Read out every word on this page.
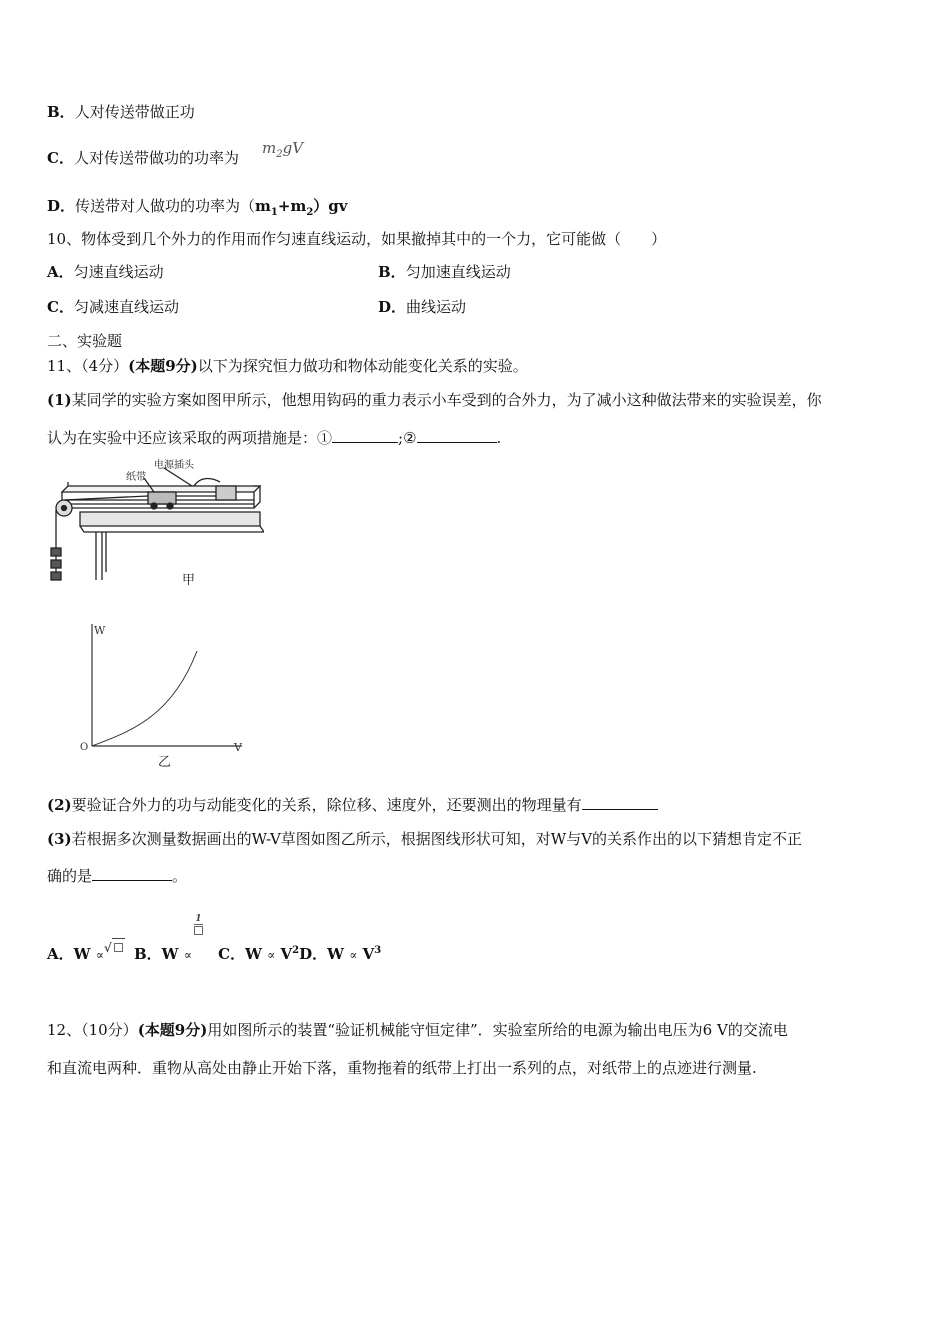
B．人对传送带做正功
C．人对传送带做功的功率为
$m_2gV$
D．传送带对人做功的功率为$(m_1+m_2)gv$
10、物体受到几个外力的作用而作匀速直线运动，如果撤掉其中的一个力，它可能做（　　）
A．匀速直线运动	B．匀加速直线运动
C．匀减速直线运动	D．曲线运动
二、实验题
11、（4分）(本题9分)以下为探究恒力做功和物体动能变化关系的实验。
(1)某同学的实验方案如图甲所示，他想用钩码的重力表示小车受到的合外力，为了减小这种做法带来的实验误差，你
认为在实验中还应该采取的两项措施是：①	;②	.
纸带
电源插头
甲
W
V
O
乙
(2)要验证合外力的功与动能变化的关系，除位移、速度外，还要测出的物理量有
(3)若根据多次测量数据画出的W-V草图如图乙所示，根据图线形状可知，对W与V的关系作出的以下猜想肯定不正
确的是	。
A．W ∝√ B．W ∝1
C．$W \propto V^2D$．$W \propto V^3$
12、（10分）(本题9分)用如图所示的装置“验证机械能守恒定律”．实验室所给的电源为输出电压为6 V的交流电
和直流电两种．重物从高处由静止开始下落，重物拖着的纸带上打出一系列的点，对纸带上的点迹进行测量.
